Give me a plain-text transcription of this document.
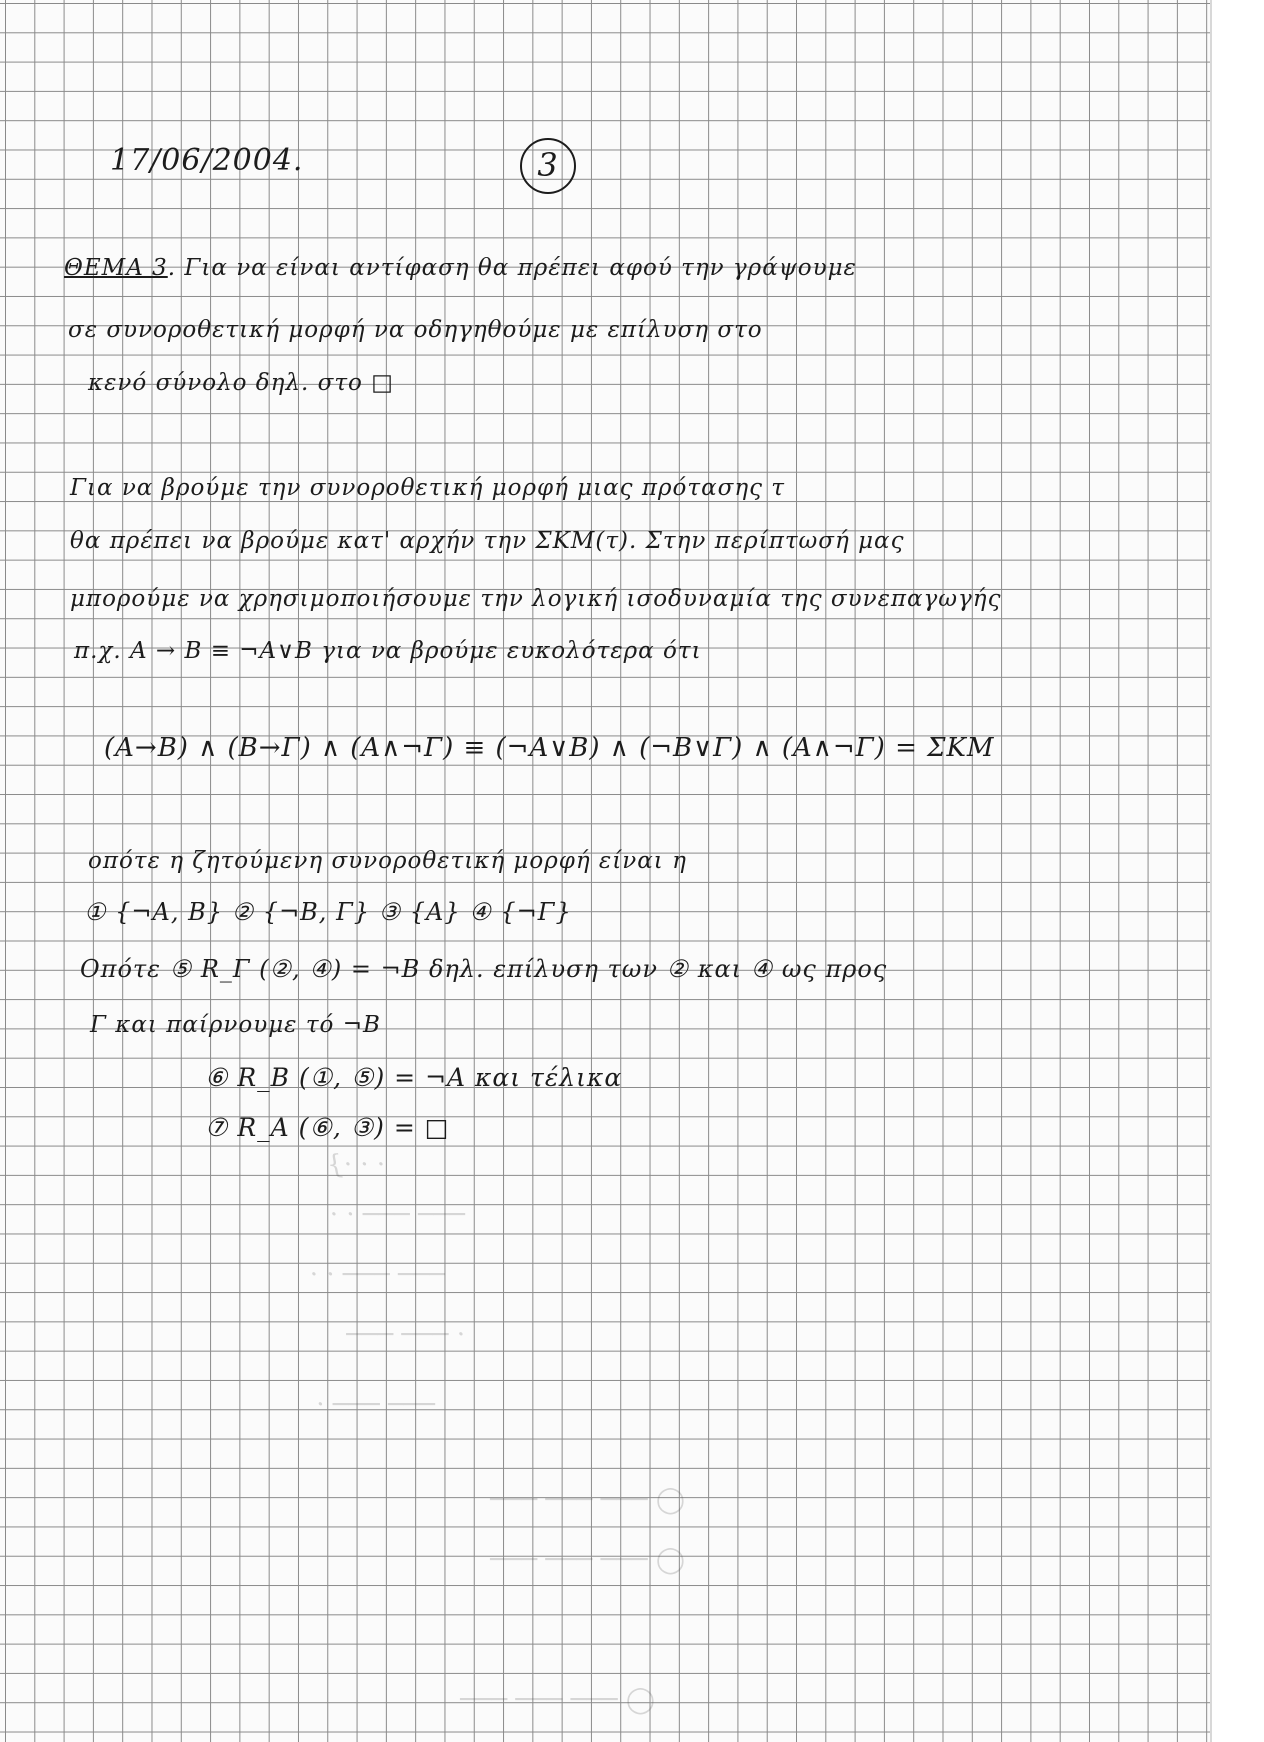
17/06/2004.	3
ΘΕΜΑ 3. Για να είναι αντίφαση θα πρέπει αφού την γράψουμε
σε συνοροθετική μορφή να οδηγηθούμε με επίλυση στο
κενό σύνολο δηλ. στο □
Για να βρούμε την συνοροθετική μορφή μιας πρότασης τ
θα πρέπει να βρούμε κατ' αρχήν την ΣΚΜ(τ). Στην περίπτωσή μας
μπορούμε να χρησιμοποιήσουμε την λογική ισοδυναμία της συνεπαγωγής
π.χ. Α → Β ≡ ¬Α∨Β για να βρούμε ευκολότερα ότι
(Α→Β) ∧ (Β→Γ) ∧ (Α∧¬Γ) ≡ (¬Α∨Β) ∧ (¬Β∨Γ) ∧ (Α∧¬Γ) = ΣΚΜ
οπότε η ζητούμενη συνοροθετική μορφή είναι η
① {¬Α, Β} ② {¬Β, Γ} ③ {Α} ④ {¬Γ}
Οπότε ⑤ R_Γ (②, ④) = ¬Β δηλ. επίλυση των ② και ④ ως προς
Γ και παίρνουμε τό ¬Β
⑥ R_Β (①, ⑤) = ¬Α και τέλικα
⑦ R_Α (⑥, ③) = □
· · ·}
─── ─── · ·
─── ─── · ·
· ─── ───
─── ─── ·
◯ ─── ─── ───
◯ ─── ─── ───
◯ ─── ─── ───
